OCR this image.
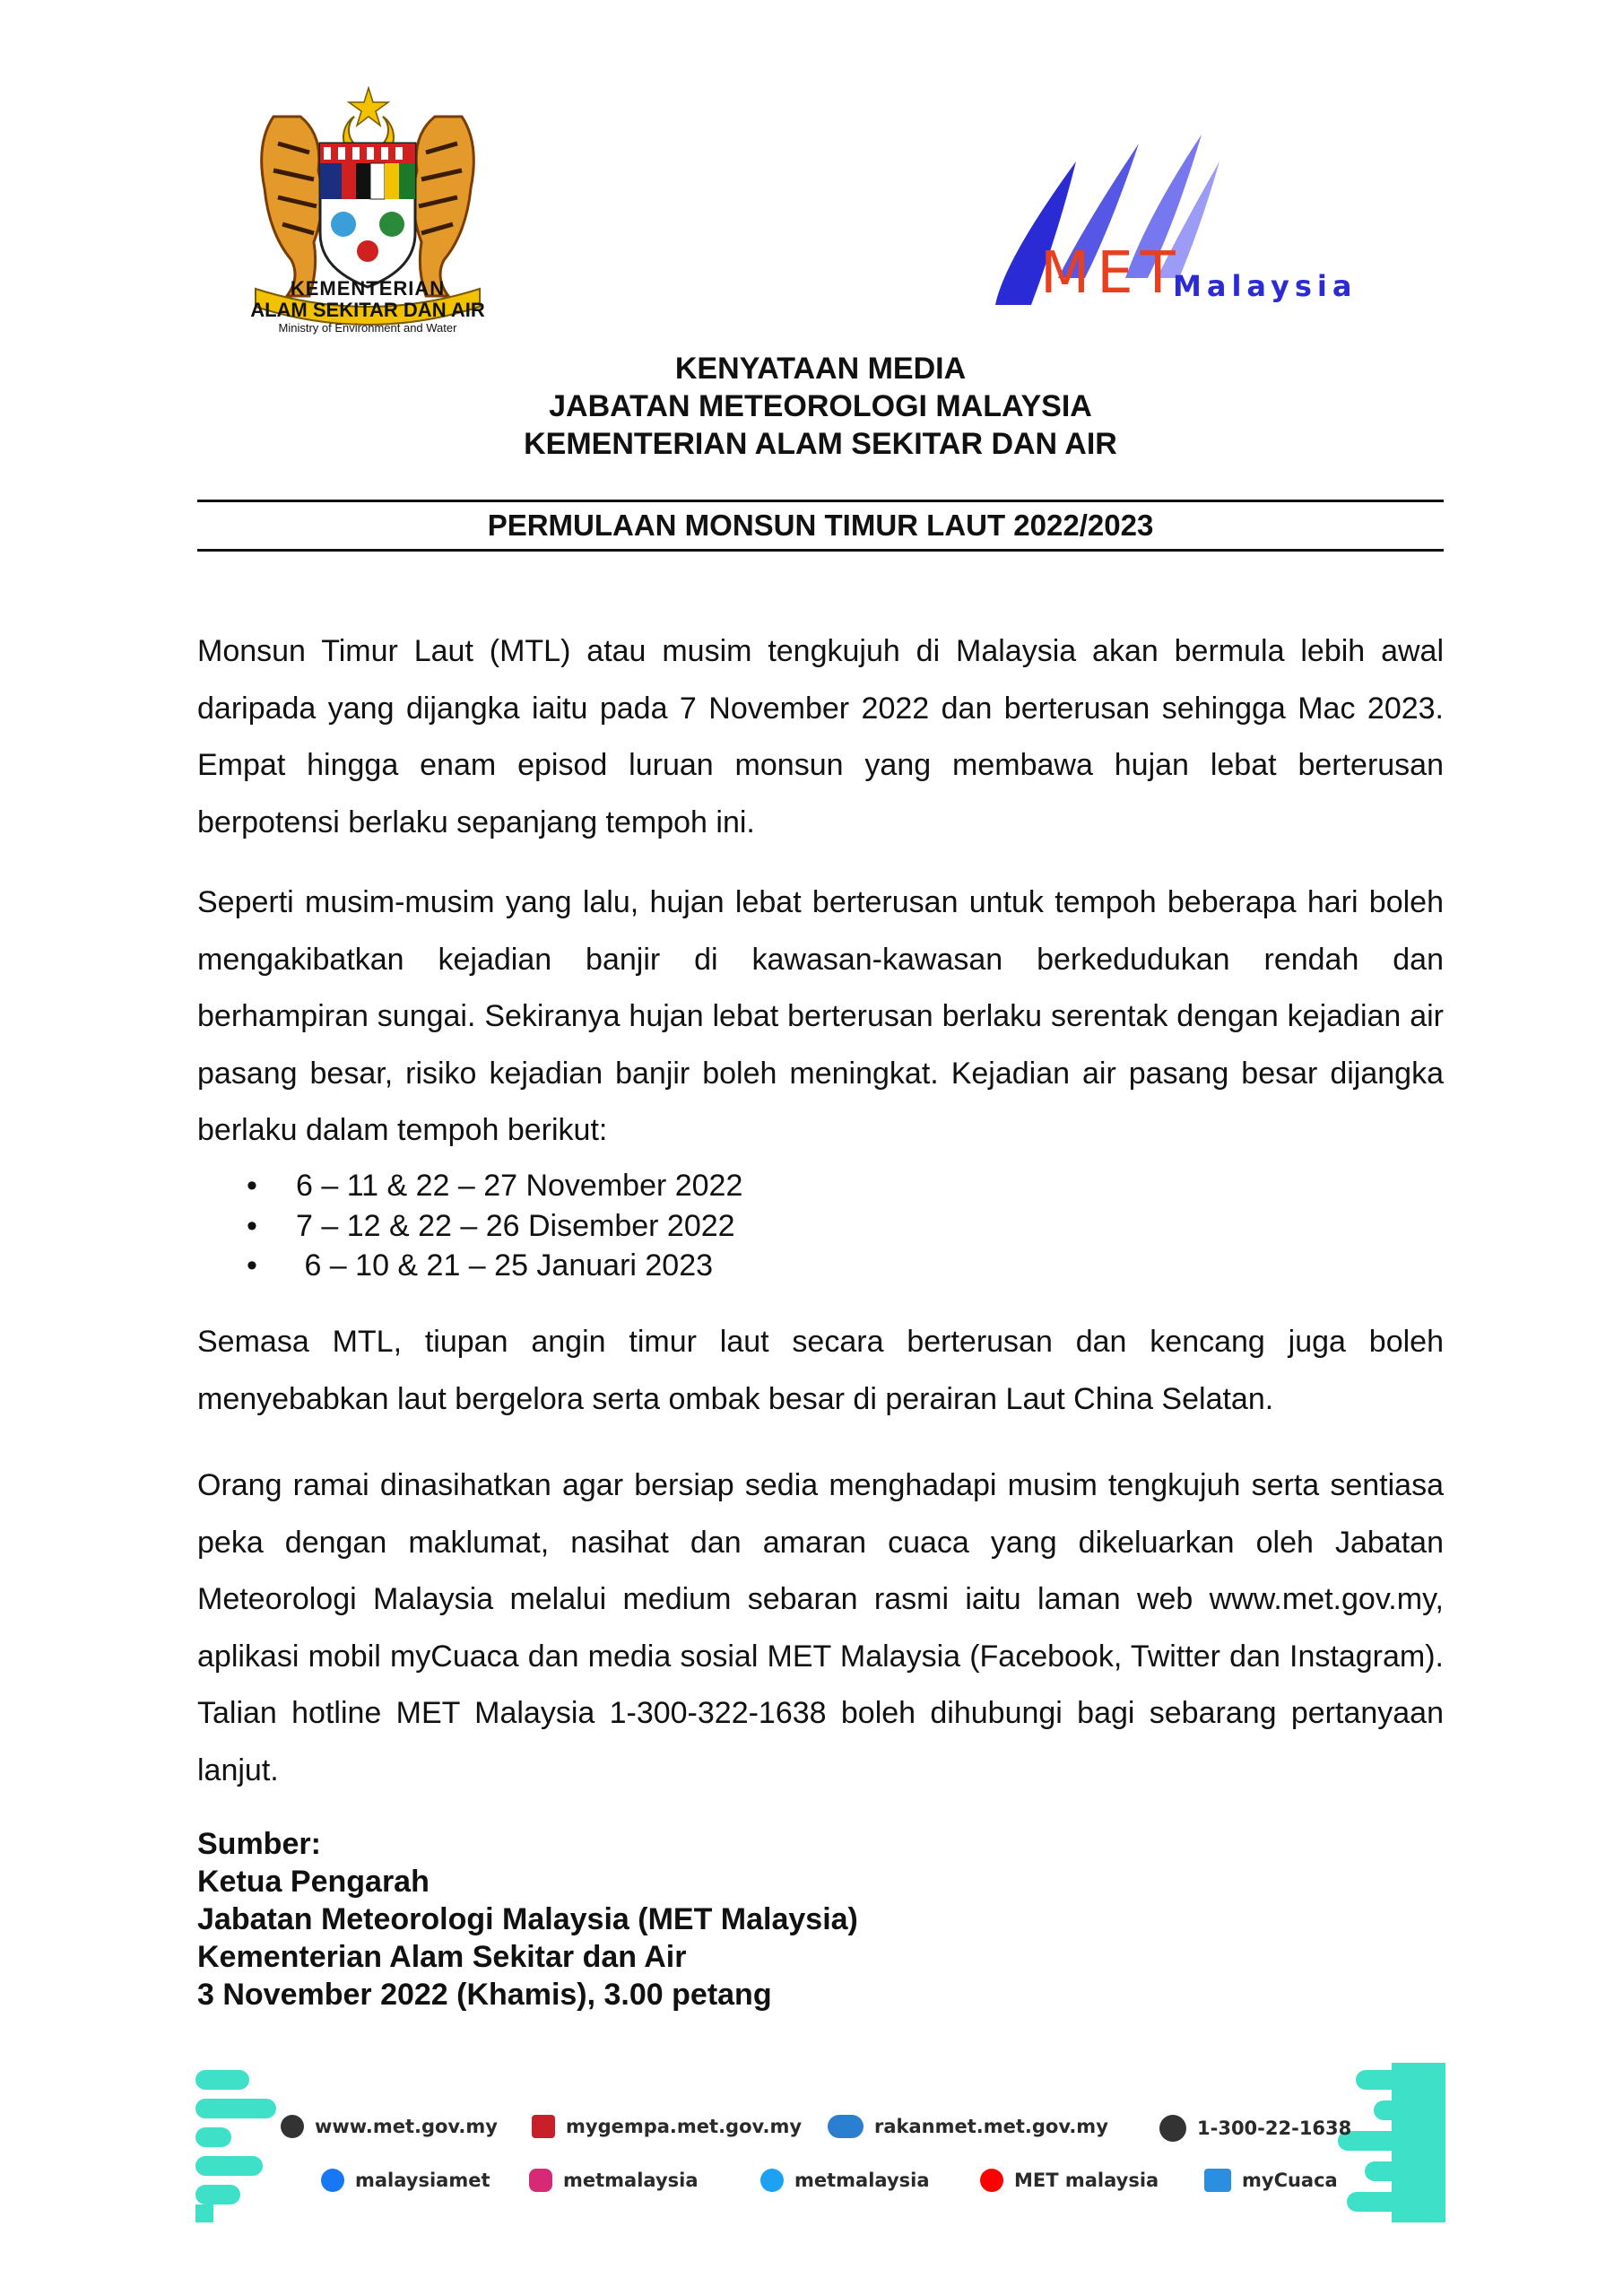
KEMENTERIAN
ALAM SEKITAR DAN AIR
Ministry of Environment and Water
MET
Malaysia
KENYATAAN MEDIA
JABATAN METEOROLOGI MALAYSIA
KEMENTERIAN ALAM SEKITAR DAN AIR
PERMULAAN MONSUN TIMUR LAUT 2022/2023
Monsun Timur Laut (MTL) atau musim tengkujuh di Malaysia akan bermula lebih awal daripada yang dijangka iaitu pada 7 November 2022 dan berterusan sehingga Mac 2023. Empat hingga enam episod luruan monsun yang membawa hujan lebat berterusan berpotensi berlaku sepanjang tempoh ini.
Seperti musim-musim yang lalu, hujan lebat berterusan untuk tempoh beberapa hari boleh mengakibatkan kejadian banjir di kawasan-kawasan berkedudukan rendah dan berhampiran sungai. Sekiranya hujan lebat berterusan berlaku serentak dengan kejadian air pasang besar, risiko kejadian banjir boleh meningkat. Kejadian air pasang besar dijangka berlaku dalam tempoh berikut:
• 6 – 11 & 22 – 27 November 2022
• 7 – 12 & 22 – 26 Disember 2022
•  6 – 10 & 21 – 25 Januari 2023
Semasa MTL, tiupan angin timur laut secara berterusan dan kencang juga boleh menyebabkan laut bergelora serta ombak besar di perairan Laut China Selatan.
Orang ramai dinasihatkan agar bersiap sedia menghadapi musim tengkujuh serta sentiasa peka dengan maklumat, nasihat dan amaran cuaca yang dikeluarkan oleh Jabatan Meteorologi Malaysia melalui medium sebaran rasmi iaitu laman web www.met.gov.my, aplikasi mobil myCuaca dan media sosial MET Malaysia (Facebook, Twitter dan Instagram). Talian hotline MET Malaysia 1-300-322-1638 boleh dihubungi bagi sebarang pertanyaan lanjut.
Sumber:
Ketua Pengarah
Jabatan Meteorologi Malaysia (MET Malaysia)
Kementerian Alam Sekitar dan Air
3 November 2022 (Khamis), 3.00 petang
www.met.gov.my	mygempa.met.gov.my	rakanmet.met.gov.my	1-300-22-1638
malaysiamet	metmalaysia	metmalaysia	MET malaysia	myCuaca
